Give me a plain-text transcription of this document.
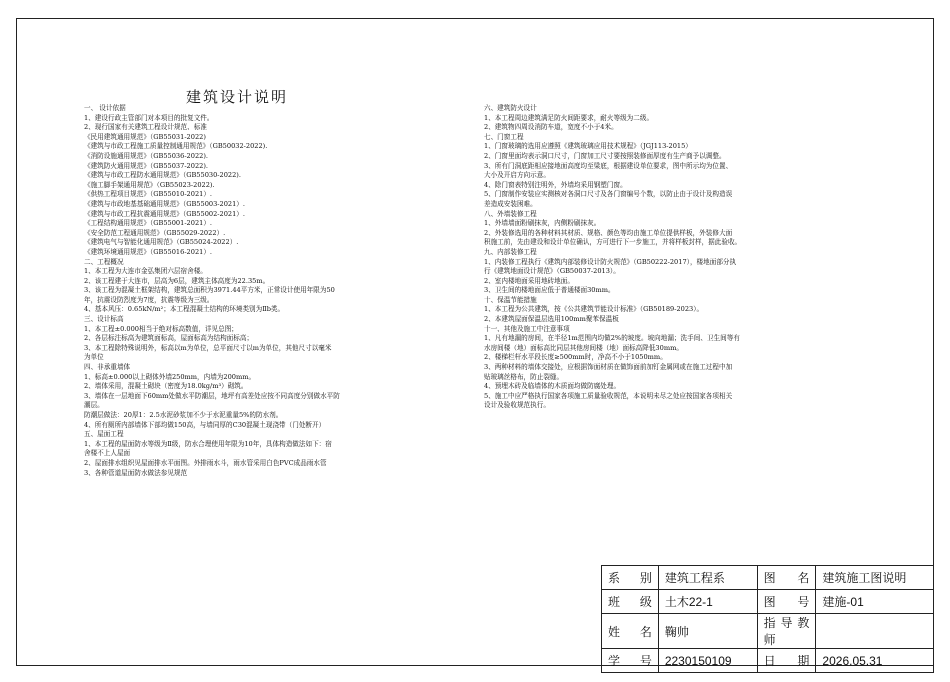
建筑设计说明
一、 设计依据
1、建设行政主管部门对本项目的批复文件。
2、现行国家有关建筑工程设计规范、标准
《民用建筑通用规范》（GB55031-2022)
《建筑与市政工程施工质量控制通用规范》（GB50032-2022).
《消防设施通用规范》（GB55036-2022).
《建筑防火通用规范》（GB55037-2022).
《建筑与市政工程防水通用规范》（GB55030-2022).
《施工脚手架通用规范》（GB55023-2022).
《供热工程项目规范》（GB55010-2021）.
《建筑与市政地基基础通用规范》（GB55003-2021）.
《建筑与市政工程抗震通用规范》（GB55002-2021）.
《工程结构通用规范》（GB55001-2021）.
《安全防范工程通用规范》（GB55029-2022）.
《建筑电气与智能化通用规范》（GB55024-2022）.
《建筑环境通用规范》（GB55016-2021）.
二、工程概况
1、本工程为大连市金弘集团六层宿舍楼。
2、该工程建于大连市，层高为6层，建筑主体高度为22.35m。
3、该工程为混凝土框架结构，建筑总面积为3971.44平方米，正常设计使用年限为50
年，抗震设防烈度为7度，抗震等级为三级。
4、基本风压：0.65kN/m²；本工程混凝土结构的环境类别为Ⅱb类。
三、设计标高
1、本工程±0.000相当于绝对标高数值，详见总图；
2、各层标注标高为建筑面标高，屋面标高为结构面标高；
3、本工程除特殊说明外，标高以m为单位，总平面尺寸以m为单位，其他尺寸以毫米
为单位
四、非承重墙体
1、标高±0.000以上砌体外墙250mm，内墙为200mm。
2、墙体采用，混凝土砌块（密度为18.0kg/m³）砌筑。
3、墙体在一层地面下60mm处做水平防潮层，地坪有高差处应按不同高度分别做水平防
潮层。
防潮层做法：20厚1：2.5水泥砂浆加不少于水泥重量5%的防水剂。
4、所有厕所内部墙体下部均做150高，与墙同厚的C30混凝土现浇带（门处断开）
五、屋面工程
1、本工程的屋面防水等级为Ⅱ级，防水合理使用年限为10年，具体构造做法如下：宿
舍楼不上人屋面
2、屋面排水组织见屋面排水平面图。外排雨水斗，雨水管采用白色PVC成品雨水管
3、各种管道屋面防水做法参见规范
六、建筑防火设计
1、本工程周边建筑满足防火间距要求，耐火等级为二级。
2、建筑物四周设消防车道，宽度不小于4米。
七、门窗工程
1、门窗玻璃的选用应遵照《建筑玻璃应用技术规程》（JGJ113-2015）
2、门窗里面均表示洞口尺寸，门窗加工尺寸要按照装修面厚度有生产商予以调整。
3、所有门洞底距相应接地面高度均至梁底，根据建设单位要求，图中所示均为位置、
大小及开启方向示意。
4、除门窗表特别注明外，外墙均采用钢塑门窗。
5、门窗制作安装应实测核对各洞口尺寸及各门窗编号个数，以防止由于设计及构造误
差造成安装困难。
八、外墙装修工程
1、外墙墙面粉刷抹灰，内侧粉刷抹灰。
2、外装修选用的各种材料其材质、规格、颜色等均由施工单位提供样板，外装修大面
积施工前，先由建设和设计单位确认，方可进行下一步施工，并将样板封样，据此验收。
九、内部装修工程
1、内装修工程执行《建筑内部装修设计防火规范》（GB50222-2017），楼地面部分执
行《建筑地面设计规范》（GB50037-2013）。
2、室内楼地面采用地砖地面。
3、卫生间的楼地面应低于普通楼面30mm。
十、保温节能措施
1、本工程为公共建筑，按《公共建筑节能设计标准》（GB50189-2023）。
2、本建筑屋面保温层选用100mm聚苯保温板
十一、其他及施工中注意事项
1、凡有地漏的房间，在半径1m范围内均做2%的坡度。坡向地漏；洗手间、卫生间等有
水房间楼（地）面标高比同层其他房间楼（地）面标高降低30mm。
2、楼梯栏杆水平段长度≥500mm时，净高不小于1050mm。
3、两种材料的墙体交接处，应根据饰面材质在做饰面前加钉金属网或在施工过程中加
贴玻璃丝格布，防止裂缝。
4、预埋木砖及临墙体的木质面均做防腐处理。
5、施工中应严格执行国家各项施工质量验收规范，本说明未尽之处应按国家各项相关
设计及验收规范执行。
系　别	建筑工程系	图　名	建筑施工图说明
班　级	土木22-1	图　号	建施-01
姓　名	鞠帅	指导教师	
学　号	2230150109	日　期	2026.05.31
